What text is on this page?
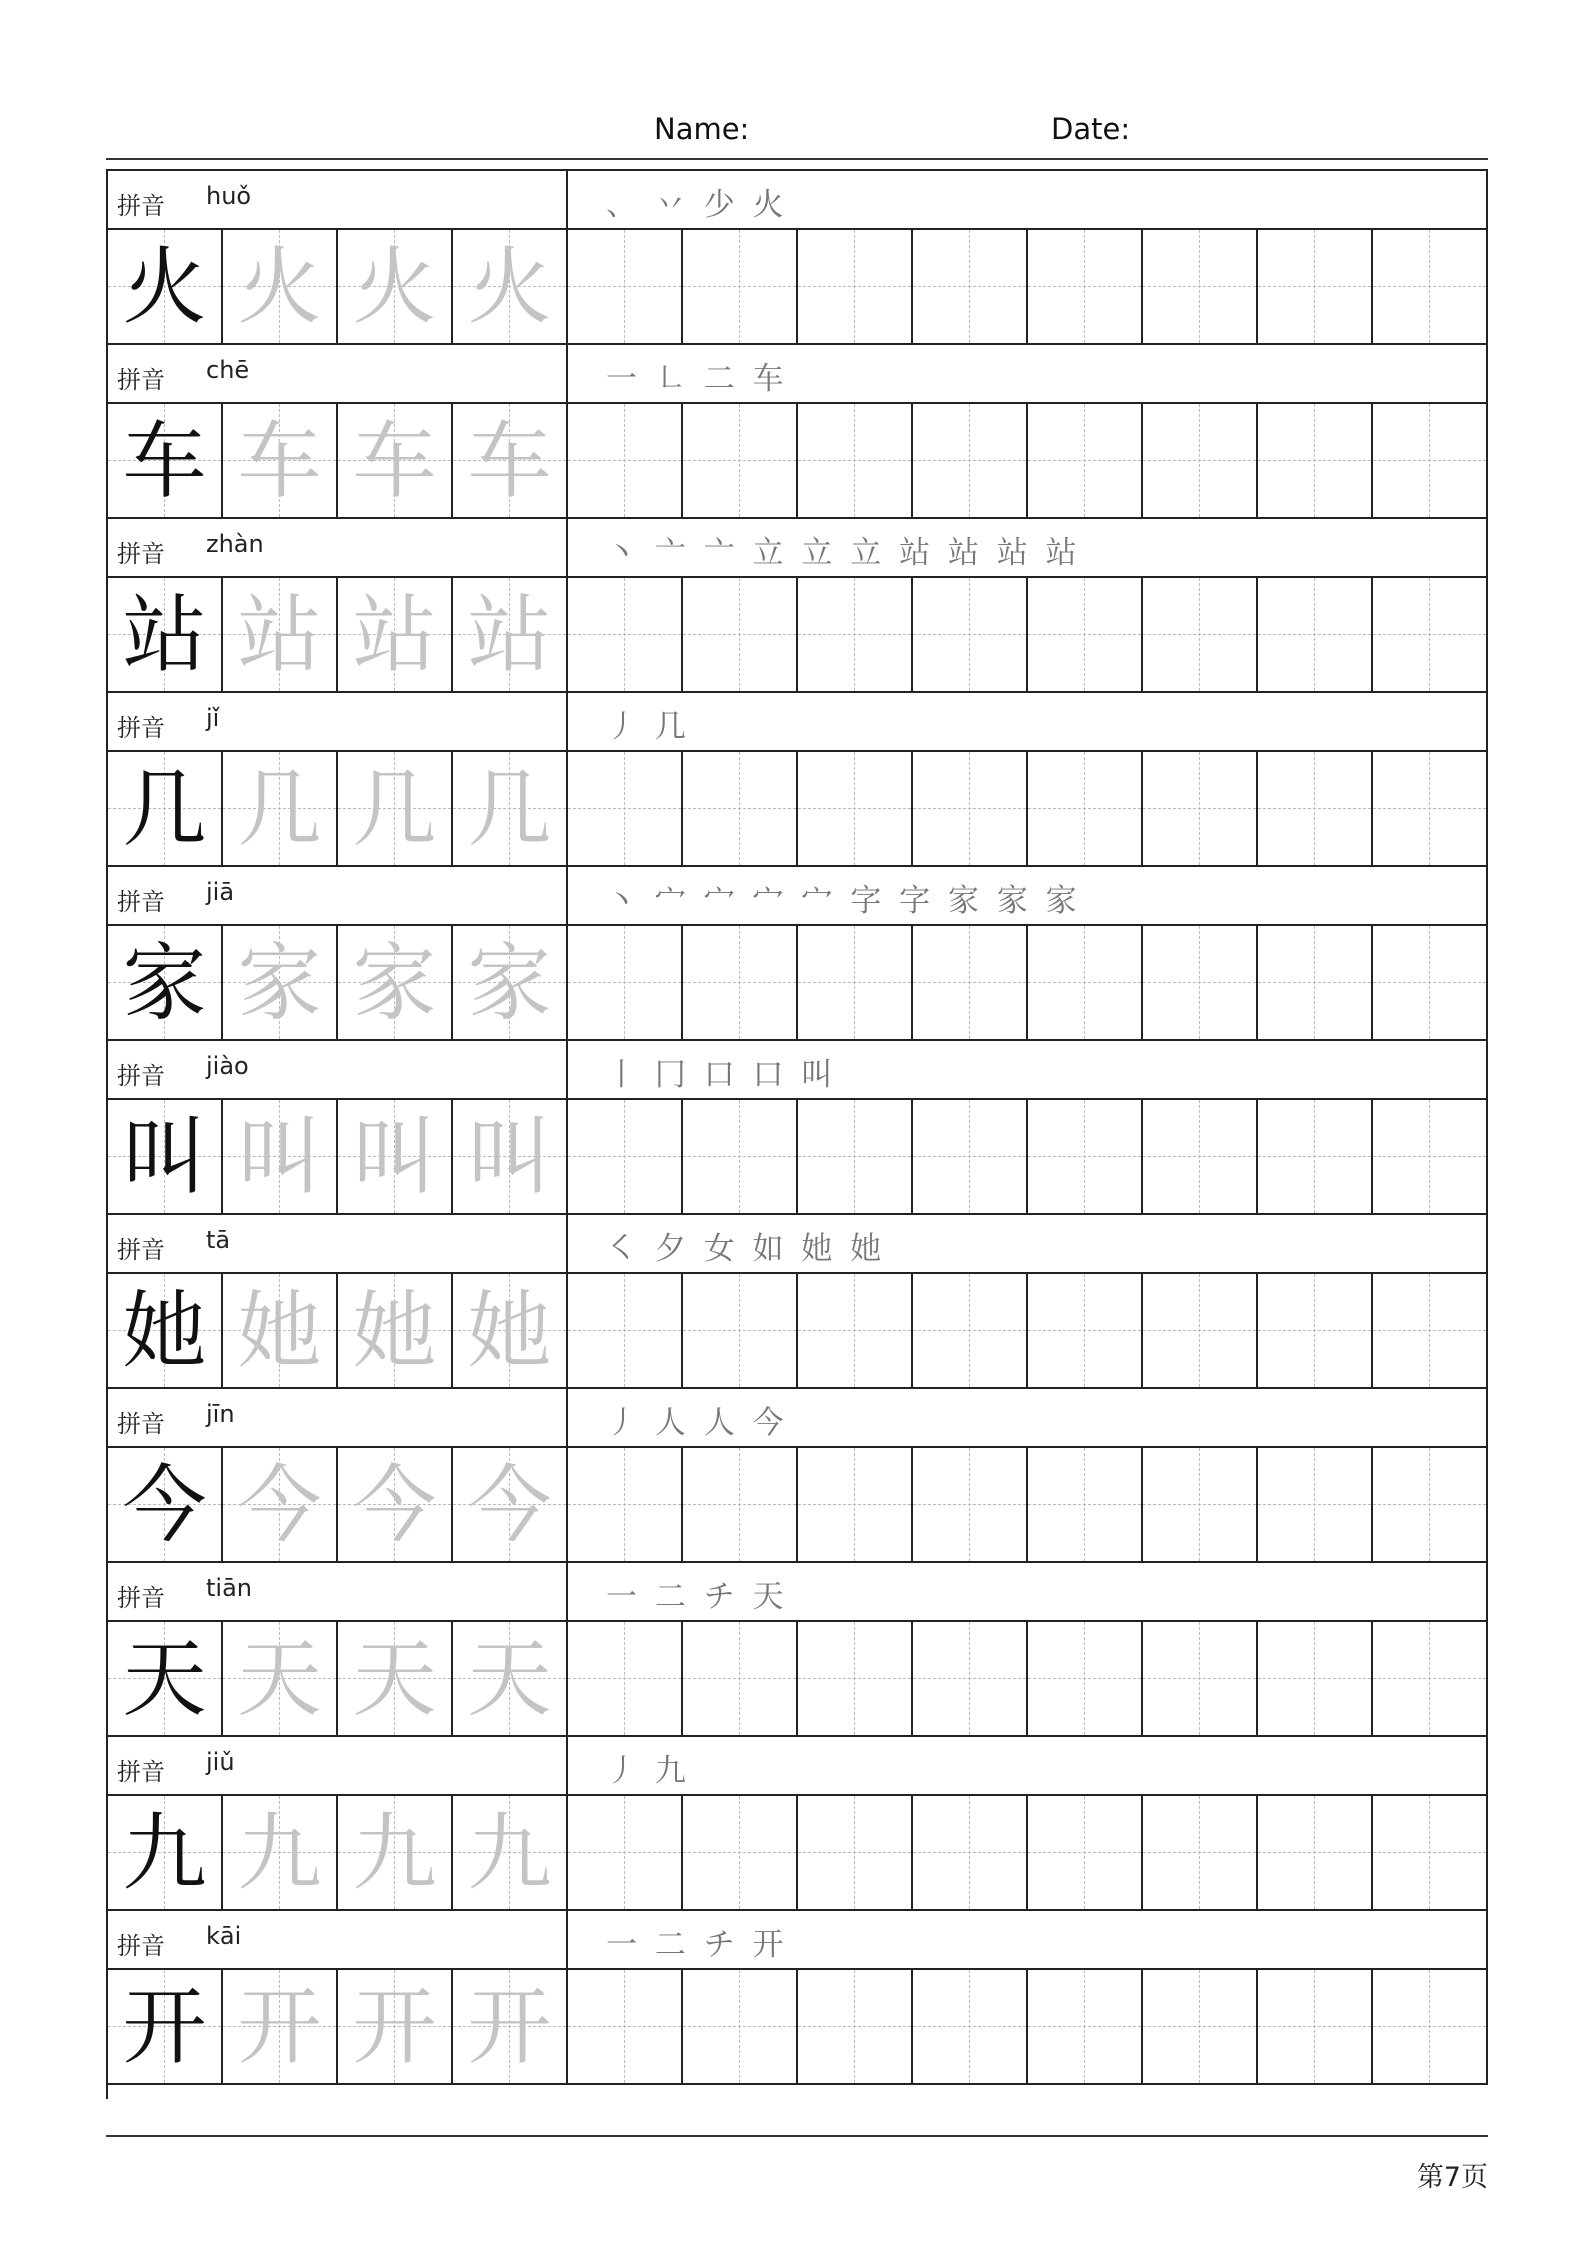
Name:	Date:
拼音 huǒ	、 丷 少 火
火 火 火 火
拼音 chē	一 ㇗ 二 车
车 车 车 车
拼音 zhàn	丶 亠 亠 立 立 立 站 站 站 站
站 站 站 站
拼音 jǐ	丿 几
几 几 几 几
拼音 jiā	丶 宀 宀 宀 宀 字 字 家 家 家
家 家 家 家
拼音 jiào	丨 冂 口 口 叫
叫 叫 叫 叫
拼音 tā	㇛ 夕 女 如 她 她
她 她 她 她
拼音 jīn	丿 人 人 今
今 今 今 今
拼音 tiān	一 二 チ 天
天 天 天 天
拼音 jiǔ	丿 九
九 九 九 九
拼音 kāi	一 二 チ 开
开 开 开 开
第7页
